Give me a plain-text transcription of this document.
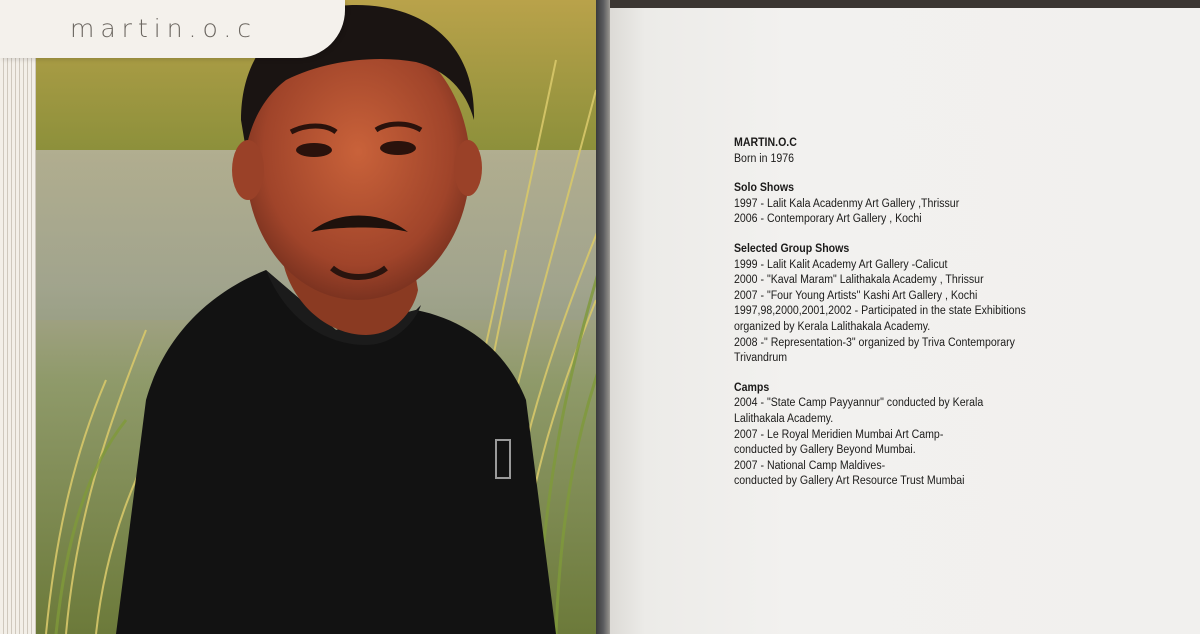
martin.o.c
MARTIN.O.C
Born in 1976
Solo Shows
1997 - Lalit Kala Acadenmy Art Gallery ,Thrissur
2006 - Contemporary Art Gallery , Kochi
Selected Group Shows
1999 - Lalit Kalit Academy Art Gallery -Calicut
2000 - "Kaval Maram" Lalithakala Academy , Thrissur
2007 - "Four Young Artists" Kashi Art Gallery , Kochi
1997,98,2000,2001,2002 - Participated in the state Exhibitions
organized by Kerala Lalithakala Academy.
2008 -" Representation-3" organized by Triva Contemporary
Trivandrum
Camps
2004 - "State Camp Payyannur" conducted by Kerala
Lalithakala Academy.
2007 - Le Royal Meridien Mumbai Art Camp-
conducted by Gallery Beyond Mumbai.
2007 - National Camp Maldives-
conducted by Gallery Art Resource Trust Mumbai
